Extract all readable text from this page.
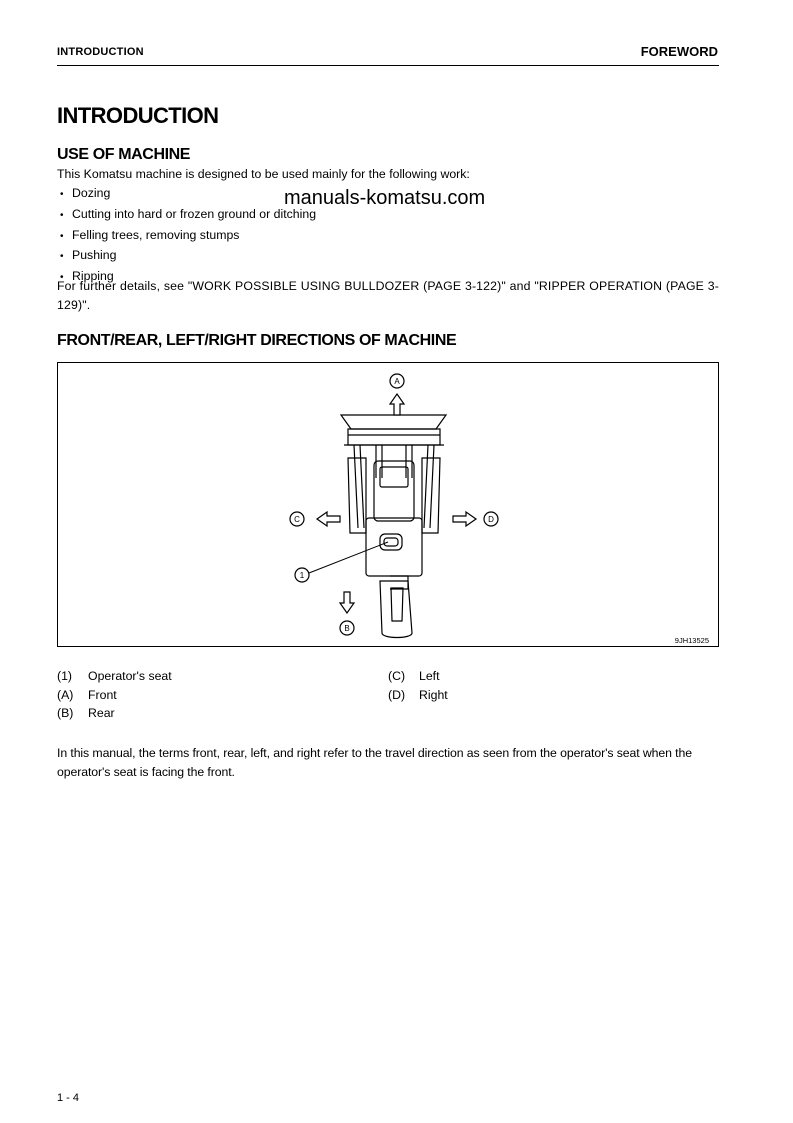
INTRODUCTION	FOREWORD
INTRODUCTION
USE OF MACHINE

This Komatsu machine is designed to be used mainly for the following work:

• Dozing
• Cutting into hard or frozen ground or ditching
• Felling trees, removing stumps
• Pushing
• Ripping
manuals-komatsu.com

For further details, see "WORK POSSIBLE USING BULLDOZER (PAGE 3-122)" and "RIPPER OPERATION (PAGE 3-129)".

FRONT/REAR, LEFT/RIGHT DIRECTIONS OF MACHINE
A
B
C	D
1
9JH13525
(1) Operator's seat
(A) Front
(B) Rear
(C) Left
(D) Right

In this manual, the terms front, rear, left, and right refer to the travel direction as seen from the operator's seat when the operator's seat is facing the front.

1 - 4
